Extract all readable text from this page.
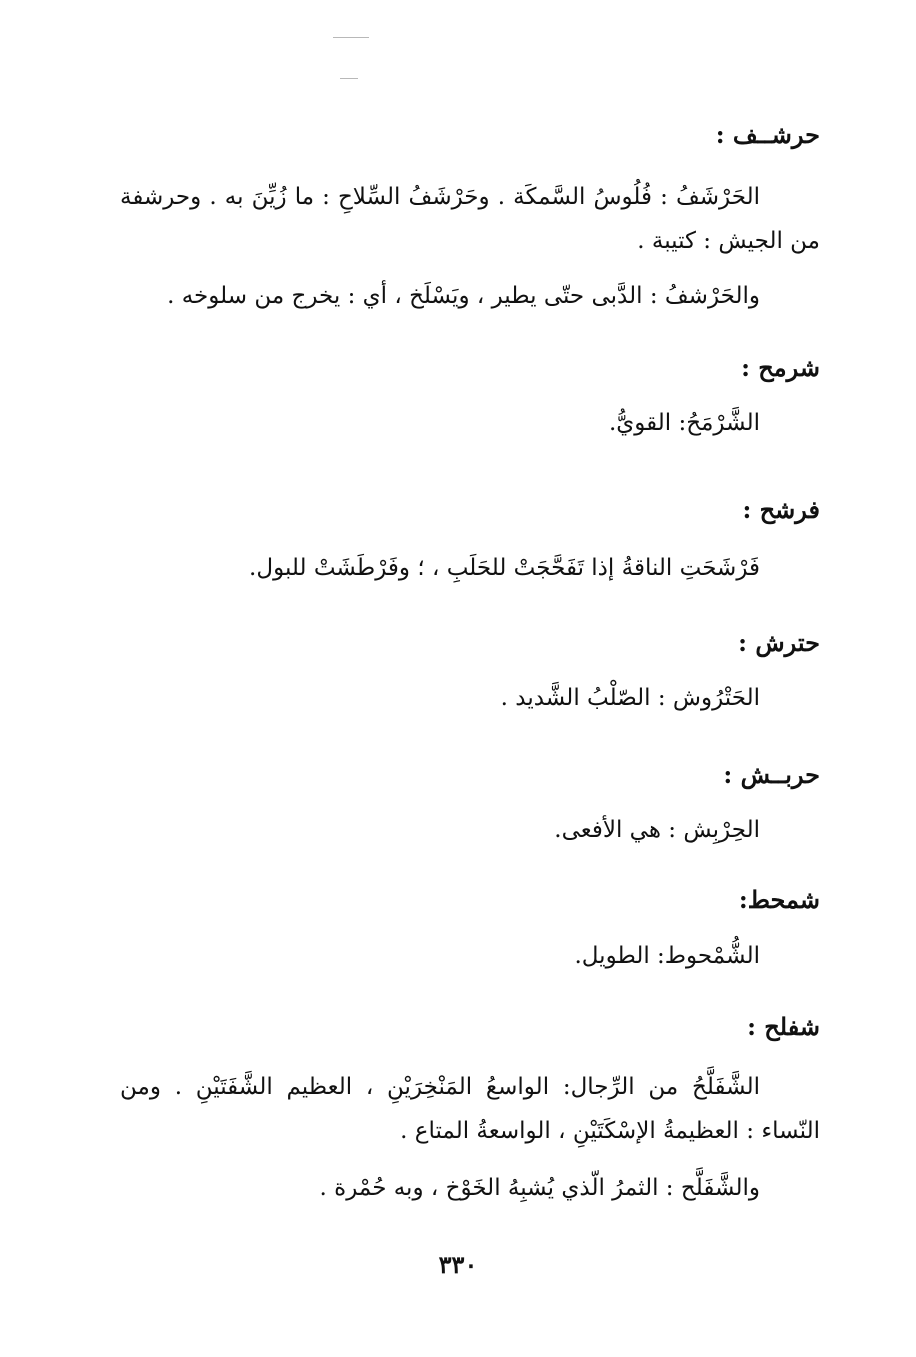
حرشــف :
الحَرْشَفُ : فُلُوسُ السَّمكَة . وحَرْشَفُ السِّلاحِ : ما زُيِّنَ به . وحرشفة من الجيش : كتيبة .
والحَرْشفُ : الدَّبى حتّى يطير ، ويَسْلَخ ، أي : يخرج من سلوخه .
شرمح :
الشَّرْمَحُ: القويُّ.
فرشح :
فَرْشَحَتِ الناقةُ إذا تَفَحَّجَتْ للحَلَبِ ، ؛ وفَرْطَشَتْ للبول.
حترش :
الحَتْرُوش : الصّلْبُ الشَّديد .
حربــش :
الحِرْبِش : هي الأفعى.
شمحط:
الشُّمْحوط: الطويل.
شفلح :
الشَّفَلَّحُ من الرِّجال: الواسعُ المَنْخِرَيْنِ ، العظيم الشَّفَتَيْنِ . ومن النّساء : العظيمةُ الإسْكَتَيْنِ ، الواسعةُ المتاع .
والشَّفَلَّح : الثمرُ الّذي يُشبِهُ الخَوْخ ، وبه حُمْرة .
٣٣٠
